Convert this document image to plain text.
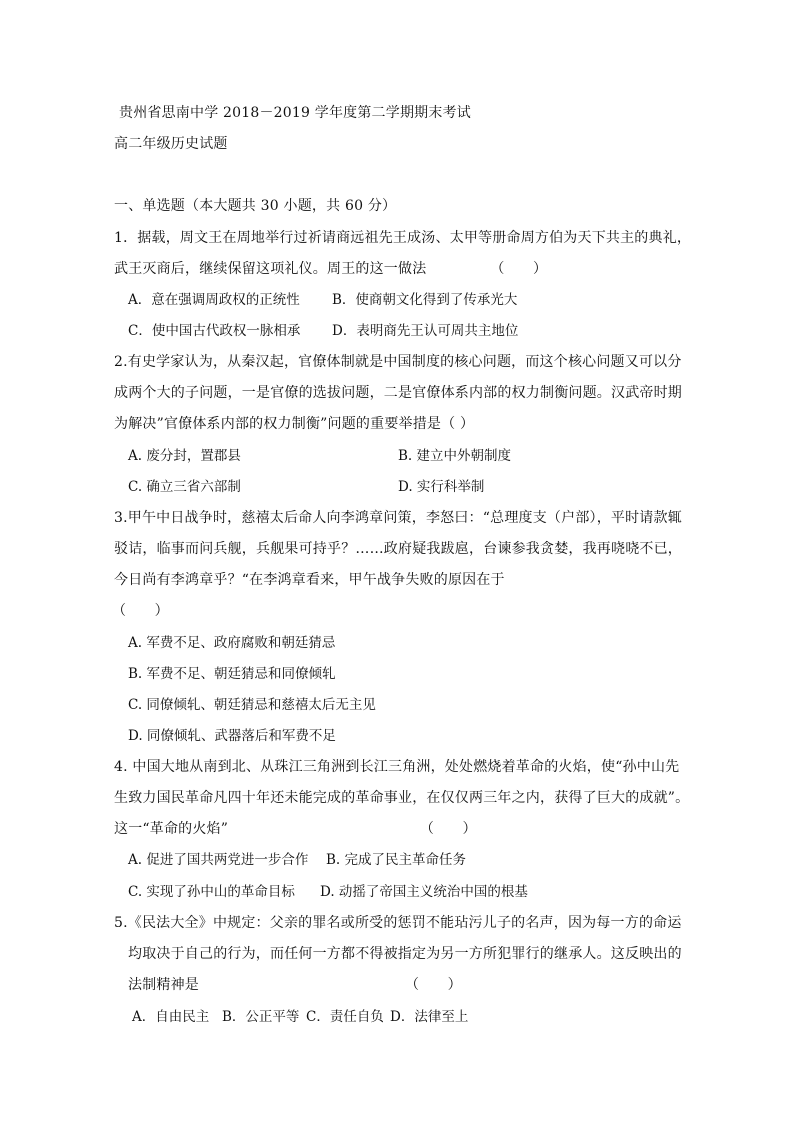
贵州省思南中学 2018－2019 学年度第二学期期末考试
高二年级历史试题
一、单选题（本大题共 30 小题，共 60 分）
1．据载，周文王在周地举行过祈请商远祖先王成汤、太甲等册命周方伯为天下共主的典礼，
武王灭商后，继续保留这项礼仪。周王的这一做法　　　　　（　　）
A．意在强调周政权的正统性 B．使商朝文化得到了传承光大
C．使中国古代政权一脉相承 D．表明商先王认可周共主地位
2.有史学家认为，从秦汉起，官僚体制就是中国制度的核心问题，而这个核心问题又可以分
成两个大的子问题，一是官僚的选拔问题，二是官僚体系内部的权力制衡问题。汉武帝时期
为解决”官僚体系内部的权力制衡”问题的重要举措是（ ）
A. 废分封，置郡县	B. 建立中外朝制度
C. 确立三省六部制	D. 实行科举制
3.甲午中日战争时，慈禧太后命人向李鸿章问策，李怒曰：“总理度支（户部），平时请款辄
驳诘，临事而问兵舰，兵舰果可持乎？……政府疑我跋扈，台谏参我贪婪，我再哓哓不已，
今日尚有李鸿章乎？“在李鸿章看来，甲午战争失败的原因在于
（　　）
A. 军费不足、政府腐败和朝廷猜忌
B. 军费不足、朝廷猜忌和同僚倾轧
C. 同僚倾轧、朝廷猜忌和慈禧太后无主见
D. 同僚倾轧、武器落后和军费不足
4. 中国大地从南到北、从珠江三角洲到长江三角洲，处处燃烧着革命的火焰，使“孙中山先
生致力国民革命凡四十年还未能完成的革命事业，在仅仅两三年之内，获得了巨大的成就”。
这一“革命的火焰”　　　　　　　　　　　　　　（　　）
A. 促进了国共两党进一步合作 B. 完成了民主革命任务
C. 实现了孙中山的革命目标 D. 动摇了帝国主义统治中国的根基
5.《民法大全》中规定：父亲的罪名或所受的惩罚不能玷污儿子的名声，因为每一方的命运
均取决于自己的行为，而任何一方都不得被指定为另一方所犯罪行的继承人。这反映出的
法制精神是　　　　　　　　　　　　　　　（　　）
A．自由民主 B．公正平等 C．责任自负 D．法律至上
